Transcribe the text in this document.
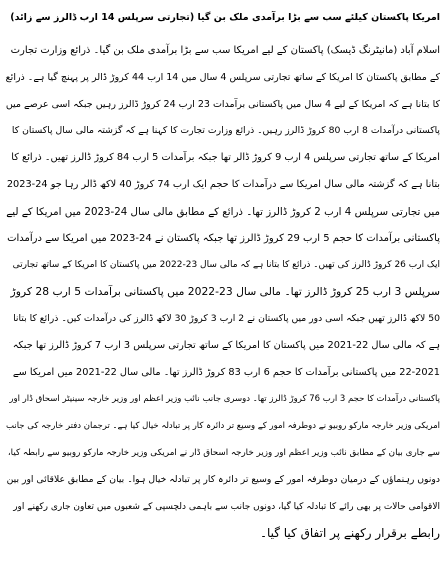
امریکا پاکستان کیلئے سب سے بڑا برآمدی ملک بن گیا (تجارتی سرپلس 14 ارب ڈالرز سے زائد)
اسلام آباد (مانیٹرنگ ڈیسک) پاکستان کے لیے امریکا سب سے بڑا برآمدی ملک بن گیا۔ ذرائع وزارت تجارت
کے مطابق پاکستان کا امریکا کے ساتھ تجارتی سرپلس 4 سال میں 14 ارب 44 کروڑ ڈالر پر پہنچ گیا ہے۔ ذرائع
کا بتانا ہے کہ امریکا کے لیے 4 سال میں پاکستانی برآمدات 23 ارب 24 کروڑ ڈالرز رہیں جبکہ اسی عرصے میں
پاکستانی درآمدات 8 ارب 80 کروڑ ڈالرز رہیں۔ ذرائع وزارت تجارت کا کہنا ہے کہ گزشتہ مالی سال پاکستان کا
امریکا کے ساتھ تجارتی سرپلس 4 ارب 9 کروڑ ڈالر تھا جبکہ برآمدات 5 ارب 84 کروڑ ڈالرز تھیں۔ ذرائع کا
بتانا ہے کہ گزشتہ مالی سال امریکا سے درآمدات کا حجم ایک ارب 74 کروڑ 40 لاکھ ڈالر رہا جو 24-2023
میں تجارتی سرپلس 4 ارب 2 کروڑ ڈالرز تھا۔ ذرائع کے مطابق مالی سال 24-2023 میں امریکا کے لیے
پاکستانی برآمدات کا حجم 5 ارب 29 کروڑ ڈالرز تھا جبکہ پاکستان نے 24-2023 میں امریکا سے درآمدات
ایک ارب 26 کروڑ ڈالرز کی تھیں۔ ذرائع کا بتانا ہے کہ مالی سال 23-2022 میں پاکستان کا امریکا کے ساتھ تجارتی
سرپلس 3 ارب 25 کروڑ ڈالرز تھا۔ مالی سال 23-2022 میں پاکستانی برآمدات 5 ارب 28 کروڑ
50 لاکھ ڈالرز تھیں جبکہ اسی دور میں پاکستان نے 2 ارب 3 کروڑ 30 لاکھ ڈالرز کی درآمدات کیں۔ ذرائع کا بتانا
ہے کہ مالی سال 22-2021 میں پاکستان کا امریکا کے ساتھ تجارتی سرپلس 3 ارب 7 کروڑ ڈالرز تھا جبکہ
22-2021 میں پاکستانی برآمدات کا حجم 6 ارب 83 کروڑ ڈالرز تھا۔ مالی سال 22-2021 میں امریکا سے
پاکستانی درآمدات کا حجم 3 ارب 76 کروڑ ڈالرز تھا۔ دوسری جانب نائب وزیر اعظم اور وزیر خارجہ سینیٹر اسحاق ڈار اور
امریکی وزیر خارجہ مارکو روبیو نے دوطرفہ امور کے وسیع تر دائرہ کار پر تبادلہ خیال کیا ہے۔ ترجمان دفتر خارجہ کی جانب
سے جاری بیان کے مطابق نائب وزیر اعظم اور وزیر خارجہ اسحاق ڈار نے امریکی وزیر خارجہ مارکو روبیو سے رابطہ کیا،
دونوں رہنماؤں کے درمیان دوطرفہ امور کے وسیع تر دائرہ کار پر تبادلہ خیال ہوا۔ بیان کے مطابق علاقائی اور بین
الاقوامی حالات پر بھی رائے کا تبادلہ کیا گیا، دونوں جانب سے باہمی دلچسپی کے شعبوں میں تعاون جاری رکھنے اور
رابطے برقرار رکھنے پر اتفاق کیا گیا۔
